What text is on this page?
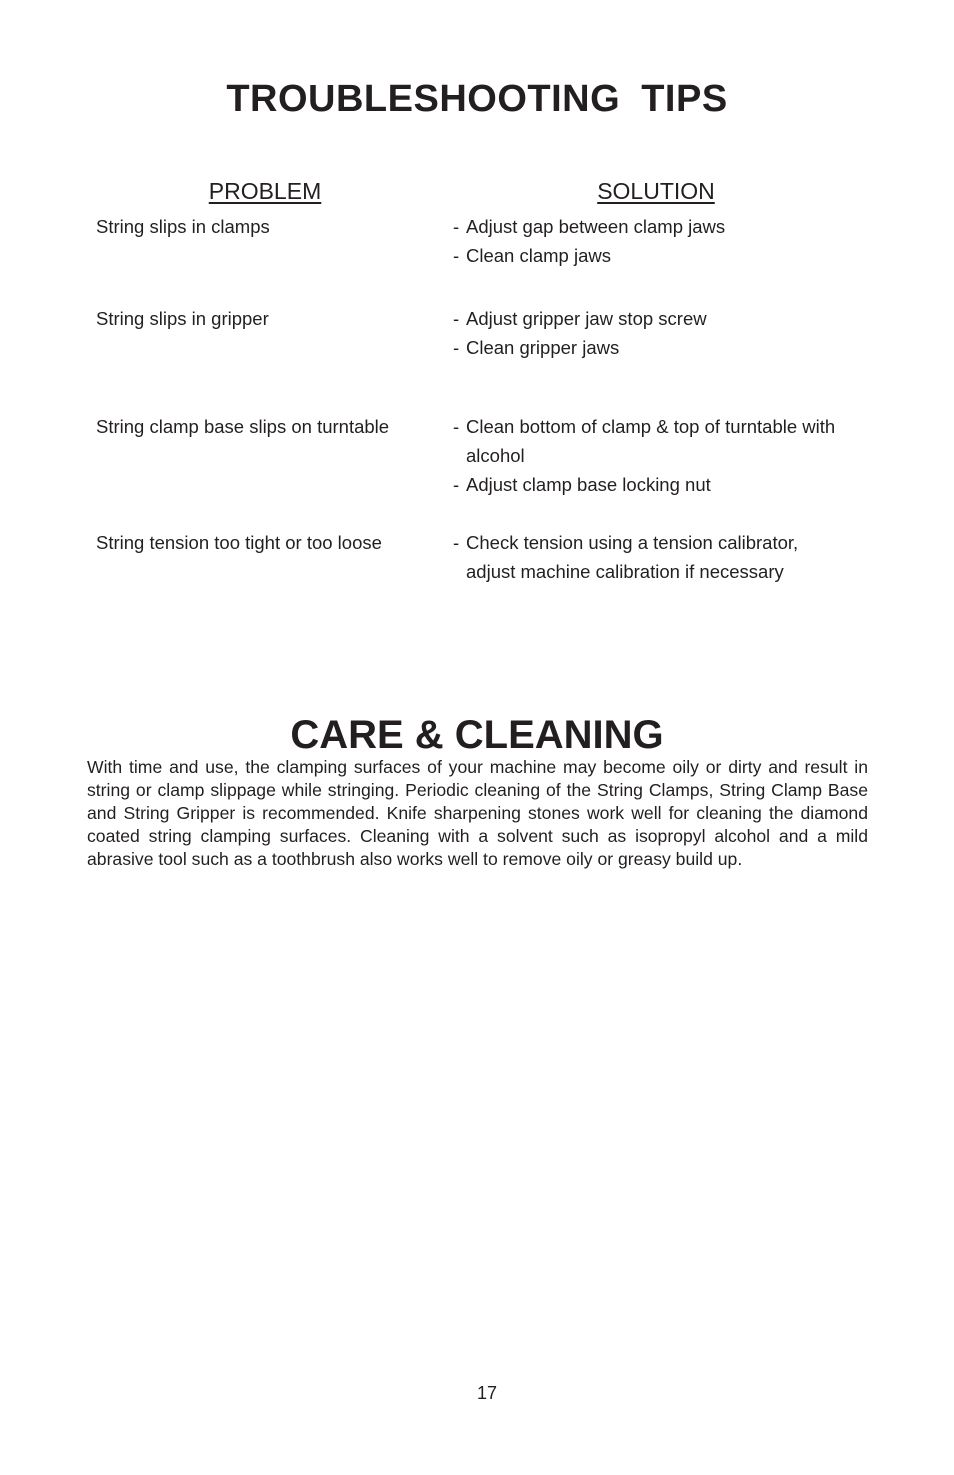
TROUBLESHOOTING TIPS
PROBLEM	SOLUTION
String slips in clamps	- Adjust gap between clamp jaws
- Clean clamp jaws
String slips in gripper	- Adjust gripper jaw stop screw
- Clean gripper jaws
String clamp base slips on turntable	- Clean bottom of clamp & top of turntable with
alcohol
- Adjust clamp base locking nut
String tension too tight or too loose	- Check tension using a tension calibrator,
adjust machine calibration if necessary
CARE & CLEANING

With time and use, the clamping surfaces of your machine may become oily or dirty and result in string or clamp slippage while stringing. Periodic cleaning of the String Clamps, String Clamp Base and String Gripper is recommended. Knife sharpening stones work well for cleaning the diamond coated string clamping surfaces. Cleaning with a solvent such as isopropyl alcohol and a mild abrasive tool such as a toothbrush also works well to remove oily or greasy build up.

17
